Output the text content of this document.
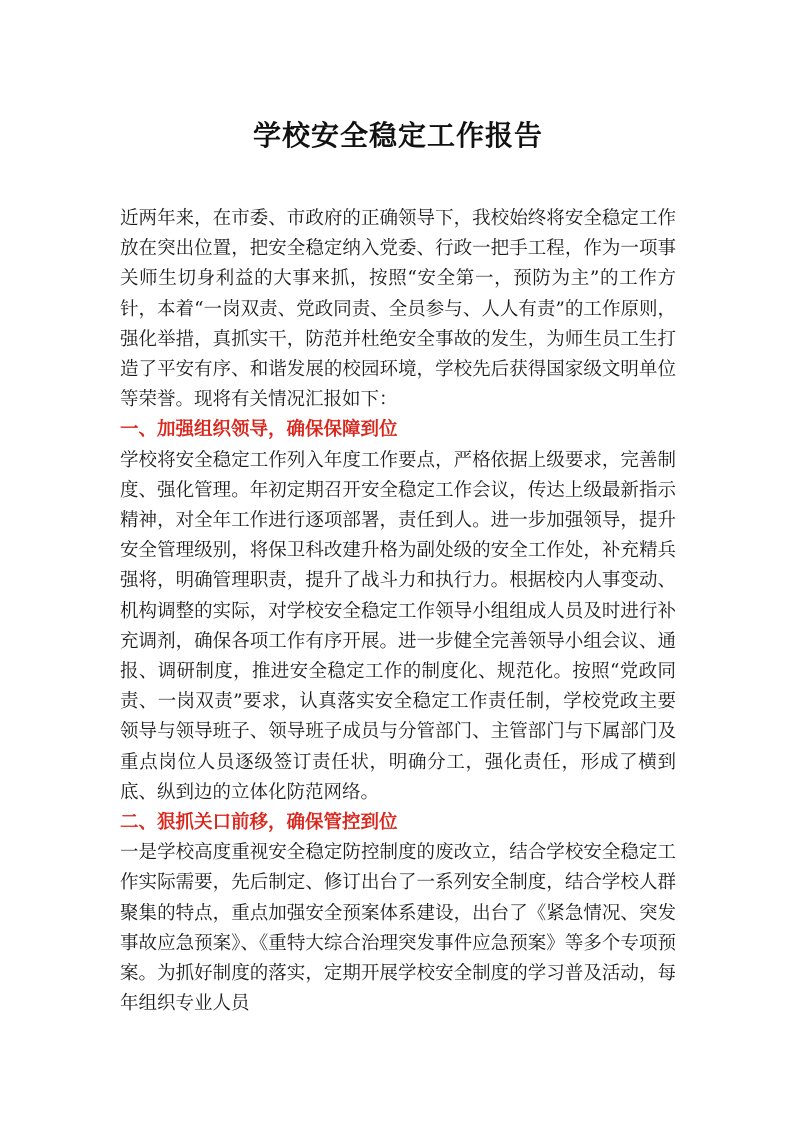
学校安全稳定工作报告

近两年来，在市委、市政府的正确领导下，我校始终将安全稳定工作放在突出位置，把安全稳定纳入党委、行政一把手工程，作为一项事关师生切身利益的大事来抓，按照“安全第一，预防为主”的工作方针，本着“一岗双责、党政同责、全员参与、人人有责”的工作原则，强化举措，真抓实干，防范并杜绝安全事故的发生，为师生员工生打造了平安有序、和谐发展的校园环境，学校先后获得国家级文明单位等荣誉。现将有关情况汇报如下：

一、加强组织领导，确保保障到位

学校将安全稳定工作列入年度工作要点，严格依据上级要求，完善制度、强化管理。年初定期召开安全稳定工作会议，传达上级最新指示精神，对全年工作进行逐项部署，责任到人。进一步加强领导，提升安全管理级别，将保卫科改建升格为副处级的安全工作处，补充精兵强将，明确管理职责，提升了战斗力和执行力。根据校内人事变动、机构调整的实际，对学校安全稳定工作领导小组组成人员及时进行补充调剂，确保各项工作有序开展。进一步健全完善领导小组会议、通报、调研制度，推进安全稳定工作的制度化、规范化。按照“党政同责、一岗双责”要求，认真落实安全稳定工作责任制，学校党政主要领导与领导班子、领导班子成员与分管部门、主管部门与下属部门及重点岗位人员逐级签订责任状，明确分工，强化责任，形成了横到底、纵到边的立体化防范网络。

二、狠抓关口前移，确保管控到位

一是学校高度重视安全稳定防控制度的废改立，结合学校安全稳定工作实际需要，先后制定、修订出台了一系列安全制度，结合学校人群聚集的特点，重点加强安全预案体系建设，出台了《紧急情况、突发事故应急预案》、《重特大综合治理突发事件应急预案》等多个专项预案。为抓好制度的落实，定期开展学校安全制度的学习普及活动，每年组织专业人员
